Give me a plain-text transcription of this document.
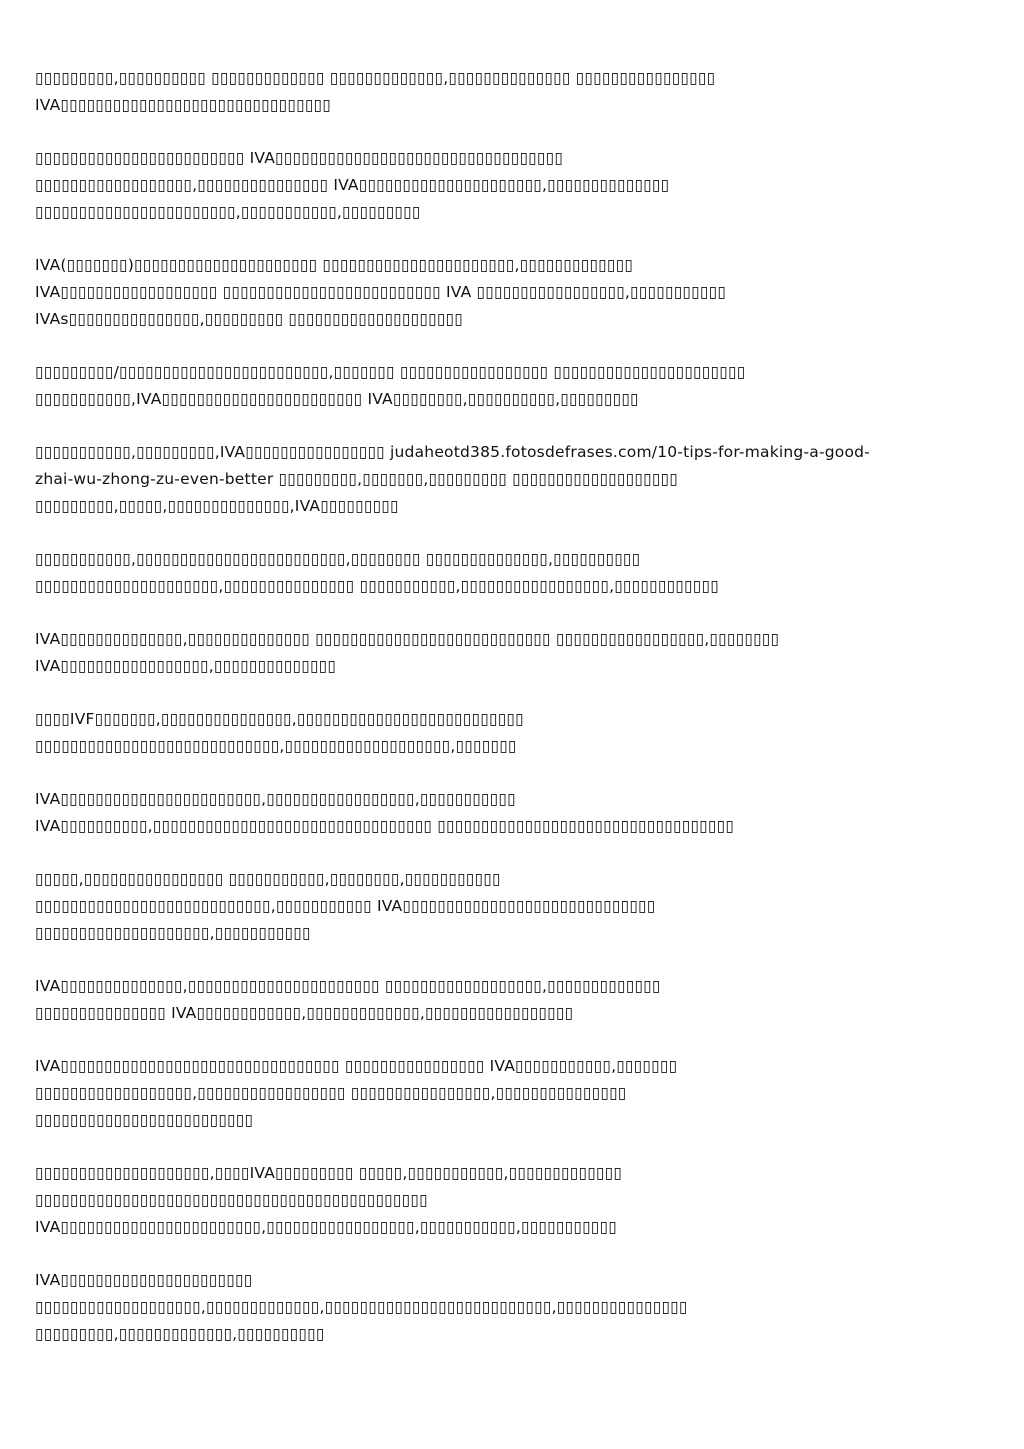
▯▯▯▯▯▯▯▯▯,▯▯▯▯▯▯▯▯▯▯ ▯▯▯▯▯▯▯▯▯▯▯▯▯ ▯▯▯▯▯▯▯▯▯▯▯▯▯,▯▯▯▯▯▯▯▯▯▯▯▯▯▯ ▯▯▯▯▯▯▯▯▯▯▯▯▯▯▯▯
IVA▯▯▯▯▯▯▯▯▯▯▯▯▯▯▯▯▯▯▯▯▯▯▯▯▯▯▯▯▯▯▯

▯▯▯▯▯▯▯▯▯▯▯▯▯▯▯▯▯▯▯▯▯▯▯▯ IVA▯▯▯▯▯▯▯▯▯▯▯▯▯▯▯▯▯▯▯▯▯▯▯▯▯▯▯▯▯▯▯▯▯
▯▯▯▯▯▯▯▯▯▯▯▯▯▯▯▯▯▯,▯▯▯▯▯▯▯▯▯▯▯▯▯▯▯ IVA▯▯▯▯▯▯▯▯▯▯▯▯▯▯▯▯▯▯▯▯▯,▯▯▯▯▯▯▯▯▯▯▯▯▯▯
▯▯▯▯▯▯▯▯▯▯▯▯▯▯▯▯▯▯▯▯▯▯▯,▯▯▯▯▯▯▯▯▯▯▯,▯▯▯▯▯▯▯▯▯

IVA(▯▯▯▯▯▯▯)▯▯▯▯▯▯▯▯▯▯▯▯▯▯▯▯▯▯▯▯▯ ▯▯▯▯▯▯▯▯▯▯▯▯▯▯▯▯▯▯▯▯▯▯,▯▯▯▯▯▯▯▯▯▯▯▯▯
IVA▯▯▯▯▯▯▯▯▯▯▯▯▯▯▯▯▯▯ ▯▯▯▯▯▯▯▯▯▯▯▯▯▯▯▯▯▯▯▯▯▯▯▯▯ IVA ▯▯▯▯▯▯▯▯▯▯▯▯▯▯▯▯▯,▯▯▯▯▯▯▯▯▯▯▯
IVAs▯▯▯▯▯▯▯▯▯▯▯▯▯▯▯,▯▯▯▯▯▯▯▯▯ ▯▯▯▯▯▯▯▯▯▯▯▯▯▯▯▯▯▯▯▯

▯▯▯▯▯▯▯▯▯/▯▯▯▯▯▯▯▯▯▯▯▯▯▯▯▯▯▯▯▯▯▯▯▯,▯▯▯▯▯▯▯ ▯▯▯▯▯▯▯▯▯▯▯▯▯▯▯▯▯ ▯▯▯▯▯▯▯▯▯▯▯▯▯▯▯▯▯▯▯▯▯▯
▯▯▯▯▯▯▯▯▯▯▯,IVA▯▯▯▯▯▯▯▯▯▯▯▯▯▯▯▯▯▯▯▯▯▯▯ IVA▯▯▯▯▯▯▯▯,▯▯▯▯▯▯▯▯▯▯,▯▯▯▯▯▯▯▯▯

▯▯▯▯▯▯▯▯▯▯▯,▯▯▯▯▯▯▯▯▯,IVA▯▯▯▯▯▯▯▯▯▯▯▯▯▯▯▯ judaheotd385.fotosdefrases.com/10-tips-for-making-a-good-
zhai-wu-zhong-zu-even-better ▯▯▯▯▯▯▯▯▯,▯▯▯▯▯▯▯,▯▯▯▯▯▯▯▯▯ ▯▯▯▯▯▯▯▯▯▯▯▯▯▯▯▯▯▯▯
▯▯▯▯▯▯▯▯▯,▯▯▯▯▯,▯▯▯▯▯▯▯▯▯▯▯▯▯▯,IVA▯▯▯▯▯▯▯▯▯

▯▯▯▯▯▯▯▯▯▯▯,▯▯▯▯▯▯▯▯▯▯▯▯▯▯▯▯▯▯▯▯▯▯▯▯,▯▯▯▯▯▯▯▯ ▯▯▯▯▯▯▯▯▯▯▯▯▯▯,▯▯▯▯▯▯▯▯▯▯
▯▯▯▯▯▯▯▯▯▯▯▯▯▯▯▯▯▯▯▯▯,▯▯▯▯▯▯▯▯▯▯▯▯▯▯▯ ▯▯▯▯▯▯▯▯▯▯▯,▯▯▯▯▯▯▯▯▯▯▯▯▯▯▯▯▯,▯▯▯▯▯▯▯▯▯▯▯▯

IVA▯▯▯▯▯▯▯▯▯▯▯▯▯▯,▯▯▯▯▯▯▯▯▯▯▯▯▯▯ ▯▯▯▯▯▯▯▯▯▯▯▯▯▯▯▯▯▯▯▯▯▯▯▯▯▯▯ ▯▯▯▯▯▯▯▯▯▯▯▯▯▯▯▯▯,▯▯▯▯▯▯▯▯
IVA▯▯▯▯▯▯▯▯▯▯▯▯▯▯▯▯▯,▯▯▯▯▯▯▯▯▯▯▯▯▯▯

▯▯▯▯IVF▯▯▯▯▯▯▯,▯▯▯▯▯▯▯▯▯▯▯▯▯▯▯,▯▯▯▯▯▯▯▯▯▯▯▯▯▯▯▯▯▯▯▯▯▯▯▯▯▯
▯▯▯▯▯▯▯▯▯▯▯▯▯▯▯▯▯▯▯▯▯▯▯▯▯▯▯▯,▯▯▯▯▯▯▯▯▯▯▯▯▯▯▯▯▯▯▯,▯▯▯▯▯▯▯

IVA▯▯▯▯▯▯▯▯▯▯▯▯▯▯▯▯▯▯▯▯▯▯▯,▯▯▯▯▯▯▯▯▯▯▯▯▯▯▯▯▯,▯▯▯▯▯▯▯▯▯▯▯
IVA▯▯▯▯▯▯▯▯▯▯,▯▯▯▯▯▯▯▯▯▯▯▯▯▯▯▯▯▯▯▯▯▯▯▯▯▯▯▯▯▯▯▯ ▯▯▯▯▯▯▯▯▯▯▯▯▯▯▯▯▯▯▯▯▯▯▯▯▯▯▯▯▯▯▯▯▯▯

▯▯▯▯▯,▯▯▯▯▯▯▯▯▯▯▯▯▯▯▯▯ ▯▯▯▯▯▯▯▯▯▯▯,▯▯▯▯▯▯▯▯,▯▯▯▯▯▯▯▯▯▯▯
▯▯▯▯▯▯▯▯▯▯▯▯▯▯▯▯▯▯▯▯▯▯▯▯▯▯▯,▯▯▯▯▯▯▯▯▯▯▯ IVA▯▯▯▯▯▯▯▯▯▯▯▯▯▯▯▯▯▯▯▯▯▯▯▯▯▯▯▯▯
▯▯▯▯▯▯▯▯▯▯▯▯▯▯▯▯▯▯▯▯,▯▯▯▯▯▯▯▯▯▯▯

IVA▯▯▯▯▯▯▯▯▯▯▯▯▯▯,▯▯▯▯▯▯▯▯▯▯▯▯▯▯▯▯▯▯▯▯▯▯ ▯▯▯▯▯▯▯▯▯▯▯▯▯▯▯▯▯▯,▯▯▯▯▯▯▯▯▯▯▯▯▯
▯▯▯▯▯▯▯▯▯▯▯▯▯▯▯ IVA▯▯▯▯▯▯▯▯▯▯▯▯,▯▯▯▯▯▯▯▯▯▯▯▯▯,▯▯▯▯▯▯▯▯▯▯▯▯▯▯▯▯▯

IVA▯▯▯▯▯▯▯▯▯▯▯▯▯▯▯▯▯▯▯▯▯▯▯▯▯▯▯▯▯▯▯▯ ▯▯▯▯▯▯▯▯▯▯▯▯▯▯▯▯ IVA▯▯▯▯▯▯▯▯▯▯▯,▯▯▯▯▯▯▯
▯▯▯▯▯▯▯▯▯▯▯▯▯▯▯▯▯▯,▯▯▯▯▯▯▯▯▯▯▯▯▯▯▯▯▯ ▯▯▯▯▯▯▯▯▯▯▯▯▯▯▯▯,▯▯▯▯▯▯▯▯▯▯▯▯▯▯▯
▯▯▯▯▯▯▯▯▯▯▯▯▯▯▯▯▯▯▯▯▯▯▯▯▯

▯▯▯▯▯▯▯▯▯▯▯▯▯▯▯▯▯▯▯▯,▯▯▯▯IVA▯▯▯▯▯▯▯▯▯ ▯▯▯▯▯,▯▯▯▯▯▯▯▯▯▯▯,▯▯▯▯▯▯▯▯▯▯▯▯▯
▯▯▯▯▯▯▯▯▯▯▯▯▯▯▯▯▯▯▯▯▯▯▯▯▯▯▯▯▯▯▯▯▯▯▯▯▯▯▯▯▯▯▯▯▯
IVA▯▯▯▯▯▯▯▯▯▯▯▯▯▯▯▯▯▯▯▯▯▯▯,▯▯▯▯▯▯▯▯▯▯▯▯▯▯▯▯▯,▯▯▯▯▯▯▯▯▯▯▯,▯▯▯▯▯▯▯▯▯▯▯

IVA▯▯▯▯▯▯▯▯▯▯▯▯▯▯▯▯▯▯▯▯▯▯
▯▯▯▯▯▯▯▯▯▯▯▯▯▯▯▯▯▯▯,▯▯▯▯▯▯▯▯▯▯▯▯▯,▯▯▯▯▯▯▯▯▯▯▯▯▯▯▯▯▯▯▯▯▯▯▯▯▯▯,▯▯▯▯▯▯▯▯▯▯▯▯▯▯▯
▯▯▯▯▯▯▯▯▯,▯▯▯▯▯▯▯▯▯▯▯▯▯,▯▯▯▯▯▯▯▯▯▯
